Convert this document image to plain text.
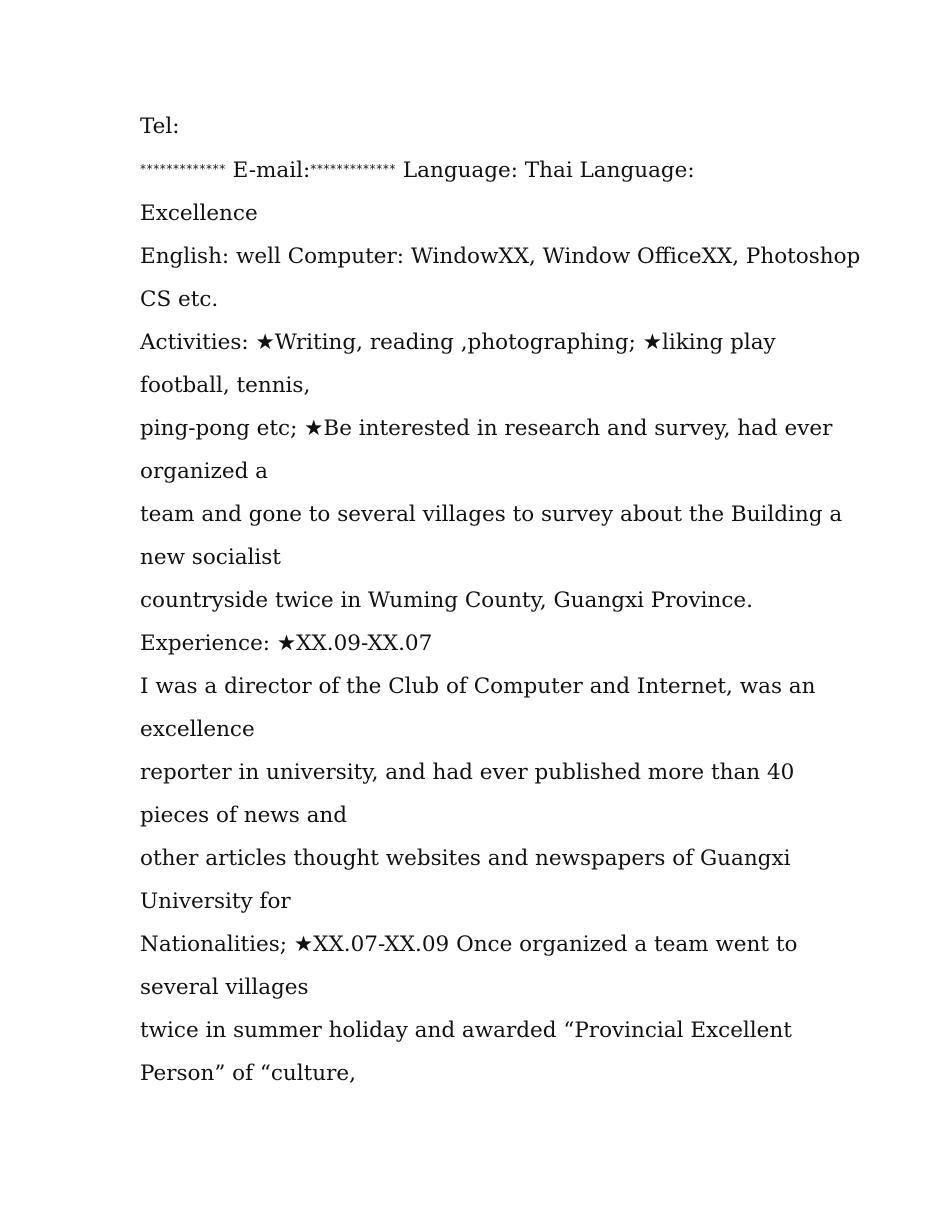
Tel:
************* E-mail:************* Language: Thai Language:
Excellence
English: well Computer: WindowXX, Window OfficeXX, Photoshop
CS etc.
Activities: ★Writing, reading ,photographing; ★liking play
football, tennis,
ping-pong etc; ★Be interested in research and survey, had ever
organized a
team and gone to several villages to survey about the Building a
new socialist
countryside twice in Wuming County, Guangxi Province.
Experience: ★XX.09-XX.07
I was a director of the Club of Computer and Internet, was an
excellence
reporter in university, and had ever published more than 40
pieces of news and
other articles thought websites and newspapers of Guangxi
University for
Nationalities; ★XX.07-XX.09 Once organized a team went to
several villages
twice in summer holiday and awarded “Provincial Excellent
Person” of “culture,
